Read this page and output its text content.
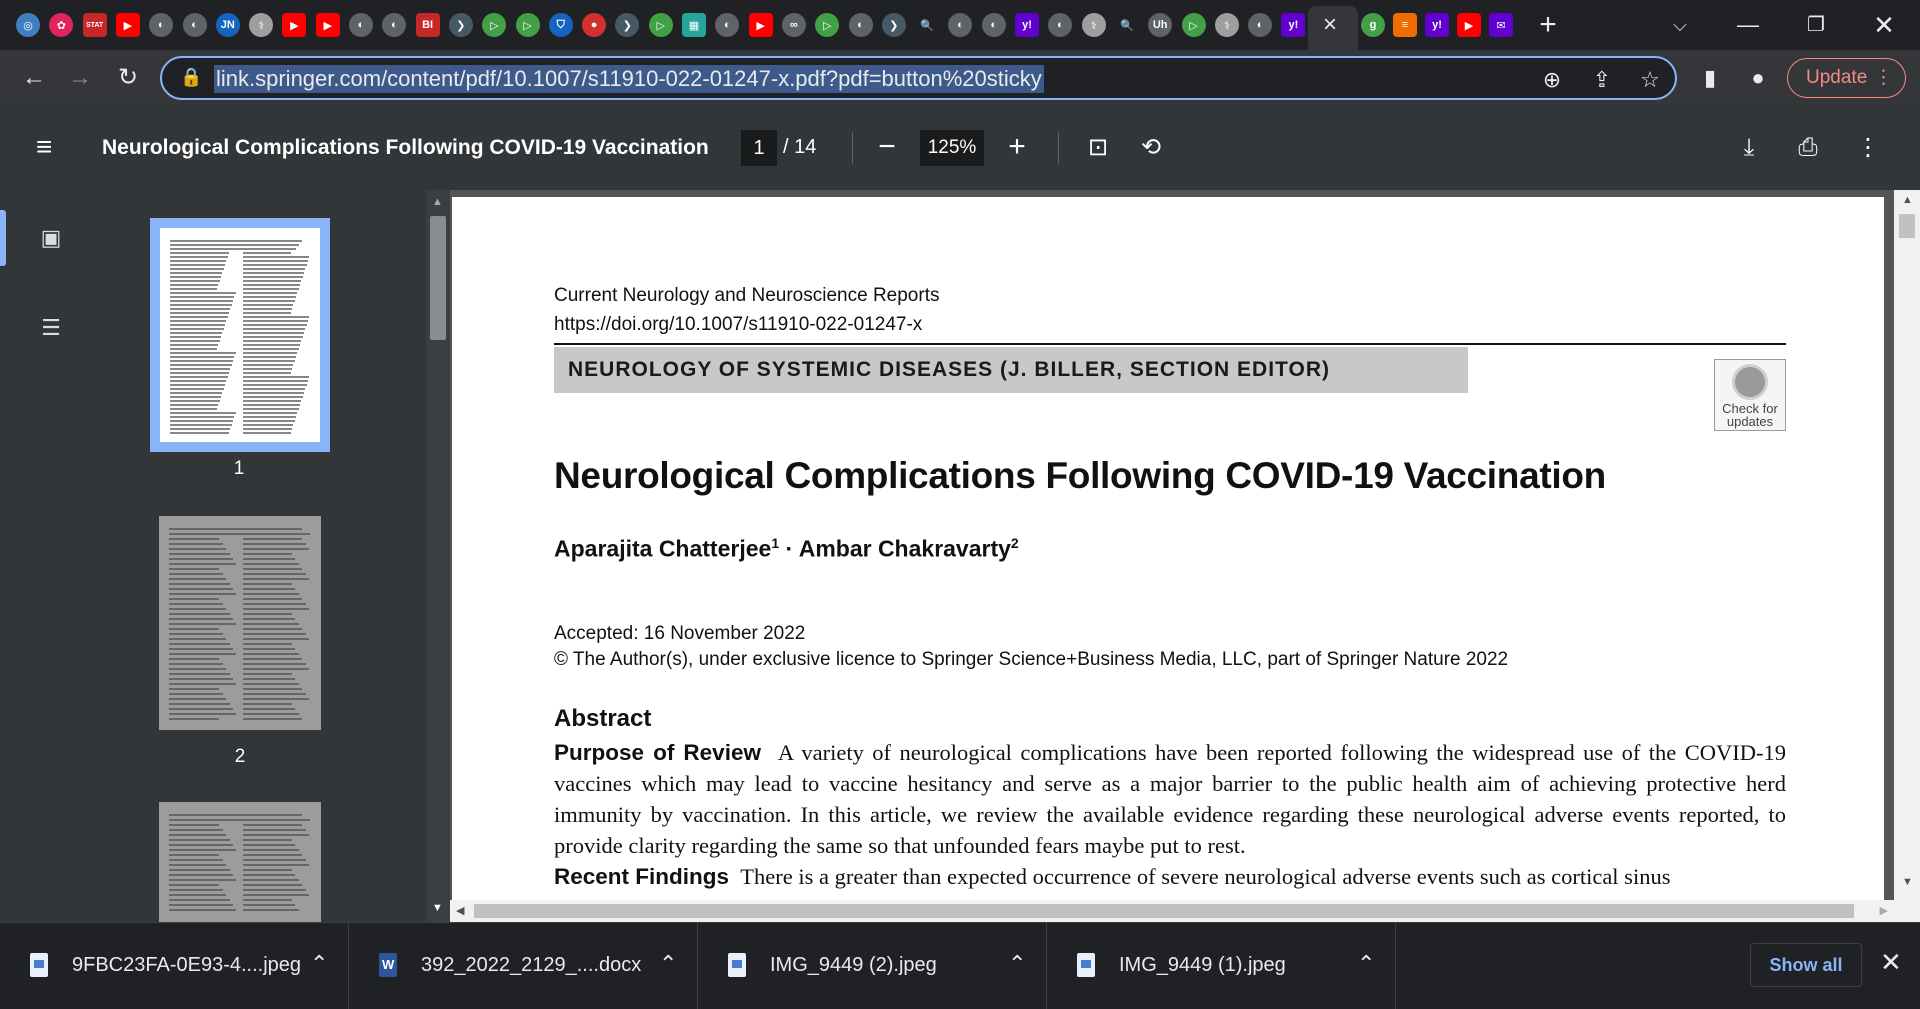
◎	✿	STAT	▶	◐	◐	JN	⚕	▶	▶	◐	◐	BI	❯	▷	▷	⛉	●	❯	▷	▦	◐	▶	∞	▷	◐	❯	🔍	◐	◐	y!	◐	⚕	🔍	Uh	▷	⚕	◐	y! ×	g	≡	y!	▶	✉	+	⌵	—	❐	✕
← →	↻	🔒 link.springer.com/content/pdf/10.1007/s11910-022-01247-x.pdf?pdf=button%20sticky	⊕ ⇪ ☆	▮	●	Update ⋮
≡	Neurological Complications Following COVID-19 Vaccination	1 / 14 −	125% +	⊡	⟲	⤓	⎙	⋮
▣
☰
1
2
▲
▼
Current Neurology and Neuroscience Reports
https://doi.org/10.1007/s11910-022-01247-x
NEUROLOGY OF SYSTEMIC DISEASES (J. BILLER, SECTION EDITOR)
Check for
updates
Neurological Complications Following COVID-19 Vaccination
Aparajita Chatterjee$^1$ · Ambar Chakravarty$^2$
Accepted: 16 November 2022
© The Author(s), under exclusive licence to Springer Science+Business Media, LLC, part of Springer Nature 2022
Abstract
Purpose of Review A variety of neurological complications have been reported following the widespread use of the COVID-19 vaccines which may lead to vaccine hesitancy and serve as a major barrier to the public health aim of achieving protective herd immunity by vaccination. In this article, we review the available evidence regarding these neurological adverse events reported, to provide clarity regarding the same so that unfounded fears maybe put to rest.
Recent Findings There is a greater than expected occurrence of severe neurological adverse events such as cortical sinus
▲
▼
◀	▶
9FBC23FA-0E93-4....jpeg ⌃
W	392_2022_2129_....docx ⌃	IMG_9449 (2).jpeg	⌃	IMG_9449 (1).jpeg	⌃	Show all	✕
